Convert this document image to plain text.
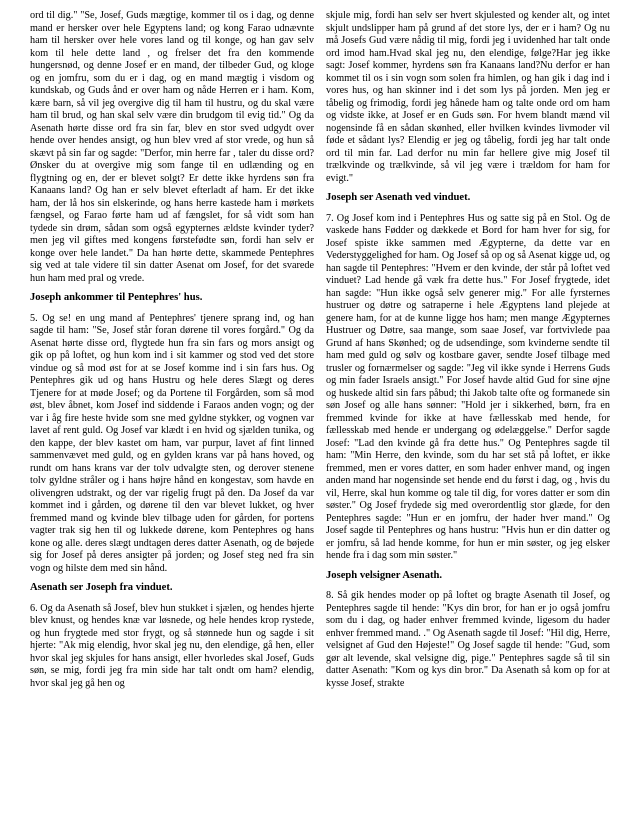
ord til dig." "Se, Josef, Guds mægtige, kommer til os i dag, og denne mand er hersker over hele Egyptens land; og kong Farao udnævnte ham til hersker over hele vores land og til konge, og han gav selv kom til hele dette land , og frelser det fra den kommende hungersnød, og denne Josef er en mand, der tilbeder Gud, og kloge og en jomfru, som du er i dag, og en mand mægtig i visdom og kundskab, og Guds ånd er over ham og nåde Herren er i ham. Kom, kære barn, så vil jeg overgive dig til ham til hustru, og du skal være ham til brud, og han skal selv være din brudgom til evig tid." Og da Asenath hørte disse ord fra sin far, blev en stor sved udgydt over hende over hendes ansigt, og hun blev vred af stor vrede, og hun så skævt på sin far og sagde: "Derfor, min herre far , taler du disse ord? Ønsker du at overgive mig som fange til en udlænding og en flygtning og en, der er blevet solgt? Er dette ikke hyrdens søn fra Kanaans land? Og han er selv blevet efterladt af ham. Er det ikke ham, der lå hos sin elskerinde, og hans herre kastede ham i mørkets fængsel, og Farao førte ham ud af fængslet, for så vidt som han tydede sin drøm, sådan som også egypternes ældste kvinder tyder? men jeg vil giftes med kongens førstefødte søn, fordi han selv er konge over hele landet." Da han hørte dette, skammede Pentephres sig ved at tale videre til sin datter Asenat om Josef, for det svarede hun ham med pral og vrede.

Joseph ankommer til Pentephres' hus.

5. Og se! en ung mand af Pentephres' tjenere sprang ind, og han sagde til ham: "Se, Josef står foran dørene til vores forgård." Og da Asenat hørte disse ord, flygtede hun fra sin fars og mors ansigt og gik op på loftet, og hun kom ind i sit kammer og stod ved det store vindue og så mod øst for at se Josef komme ind i sin fars hus. Og Pentephres gik ud og hans Hustru og hele deres Slægt og deres Tjenere for at møde Josef; og da Portene til Forgården, som så mod øst, blev åbnet, kom Josef ind siddende i Faraos anden vogn; og der var i åg fire heste hvide som sne med gyldne stykker, og vognen var lavet af rent guld. Og Josef var klædt i en hvid og sjælden tunika, og den kappe, der blev kastet om ham, var purpur, lavet af fint linned sammenvævet med guld, og en gylden krans var på hans hoved, og rundt om hans krans var der tolv udvalgte sten, og derover stenene tolv gyldne stråler og i hans højre hånd en kongestav, som havde en olivengren udstrakt, og der var rigelig frugt på den. Da Josef da var kommet ind i gården, og dørene til den var blevet lukket, og hver fremmed mand og kvinde blev tilbage uden for gården, for portens vagter trak sig hen til og lukkede dørene, kom Pentephres og hans kone og alle. deres slægt undtagen deres datter Asenath, og de bøjede sig for Josef på deres ansigter på jorden; og Josef steg ned fra sin vogn og hilste dem med sin hånd.

Asenath ser Joseph fra vinduet.

6. Og da Asenath så Josef, blev hun stukket i sjælen, og hendes hjerte blev knust, og hendes knæ var løsnede, og hele hendes krop rystede, og hun frygtede med stor frygt, og så stønnede hun og sagde i sit hjerte: "Ak mig elendig, hvor skal jeg nu, den elendige, gå hen, eller hvor skal jeg skjules for hans ansigt, eller hvorledes skal Josef, Guds søn, se mig, fordi jeg fra min side har talt ondt om ham? elendig, hvor skal jeg gå hen og

skjule mig, fordi han selv ser hvert skjulested og kender alt, og intet skjult undslipper ham på grund af det store lys, der er i ham? Og nu må Josefs Gud være nådig til mig, fordi jeg i uvidenhed har talt onde ord imod ham.Hvad skal jeg nu, den elendige, følge?Har jeg ikke sagt: Josef kommer, hyrdens søn fra Kanaans land?Nu derfor er han kommet til os i sin vogn som solen fra himlen, og han gik i dag ind i vores hus, og han skinner ind i det som lys på jorden. Men jeg er tåbelig og frimodig, fordi jeg hånede ham og talte onde ord om ham og vidste ikke, at Josef er en Guds søn. For hvem blandt mænd vil nogensinde få en sådan skønhed, eller hvilken kvindes livmoder vil føde et sådant lys? Elendig er jeg og tåbelig, fordi jeg har talt onde ord til min far. Lad derfor nu min far hellere give mig Josef til trælkvinde og trælkvinde, så vil jeg være i trældom for ham for evigt."

Joseph ser Asenath ved vinduet.

7. Og Josef kom ind i Pentephres Hus og satte sig på en Stol. Og de vaskede hans Fødder og dækkede et Bord for ham hver for sig, for Josef spiste ikke sammen med Ægypterne, da dette var en Vederstyggelighed for ham. Og Josef så op og så Asenat kigge ud, og han sagde til Pentephres: "Hvem er den kvinde, der står på loftet ved vinduet? Lad hende gå væk fra dette hus." For Josef frygtede, idet han sagde: "Hun ikke også selv generer mig." For alle fyrsternes hustruer og døtre og satraperne i hele Ægyptens land plejede at genere ham, for at de kunne ligge hos ham; men mange Ægypternes Hustruer og Døtre, saa mange, som saae Josef, var fortvivlede paa Grund af hans Skønhed; og de udsendinge, som kvinderne sendte til ham med guld og sølv og kostbare gaver, sendte Josef tilbage med trusler og fornærmelser og sagde: "Jeg vil ikke synde i Herrens Guds og min fader Israels ansigt." For Josef havde altid Gud for sine øjne og huskede altid sin fars påbud; thi Jakob talte ofte og formanede sin søn Josef og alle hans sønner: "Hold jer i sikkerhed, børn, fra en fremmed kvinde for ikke at have fællesskab med hende, for fællesskab med hende er undergang og ødelæggelse." Derfor sagde Josef: "Lad den kvinde gå fra dette hus." Og Pentephres sagde til ham: "Min Herre, den kvinde, som du har set stå på loftet, er ikke fremmed, men er vores datter, en som hader enhver mand, og ingen anden mand har nogensinde set hende end du først i dag, og , hvis du vil, Herre, skal hun komme og tale til dig, for vores datter er som din søster." Og Josef frydede sig med overordentlig stor glæde, for den Pentephres sagde: "Hun er en jomfru, der hader hver mand." Og Josef sagde til Pentephres og hans hustru: "Hvis hun er din datter og er jomfru, så lad hende komme, for hun er min søster, og jeg elsker hende fra i dag som min søster."

Joseph velsigner Asenath.

8. Så gik hendes moder op på loftet og bragte Asenath til Josef, og Pentephres sagde til hende: "Kys din bror, for han er jo også jomfru som du i dag, og hader enhver fremmed kvinde, ligesom du hader enhver fremmed mand. ." Og Asenath sagde til Josef: "Hil dig, Herre, velsignet af Gud den Højeste!" Og Josef sagde til hende: "Gud, som gør alt levende, skal velsigne dig, pige." Pentephres sagde så til sin datter Asenath: "Kom og kys din bror." Da Asenath så kom op for at kysse Josef, strakte
